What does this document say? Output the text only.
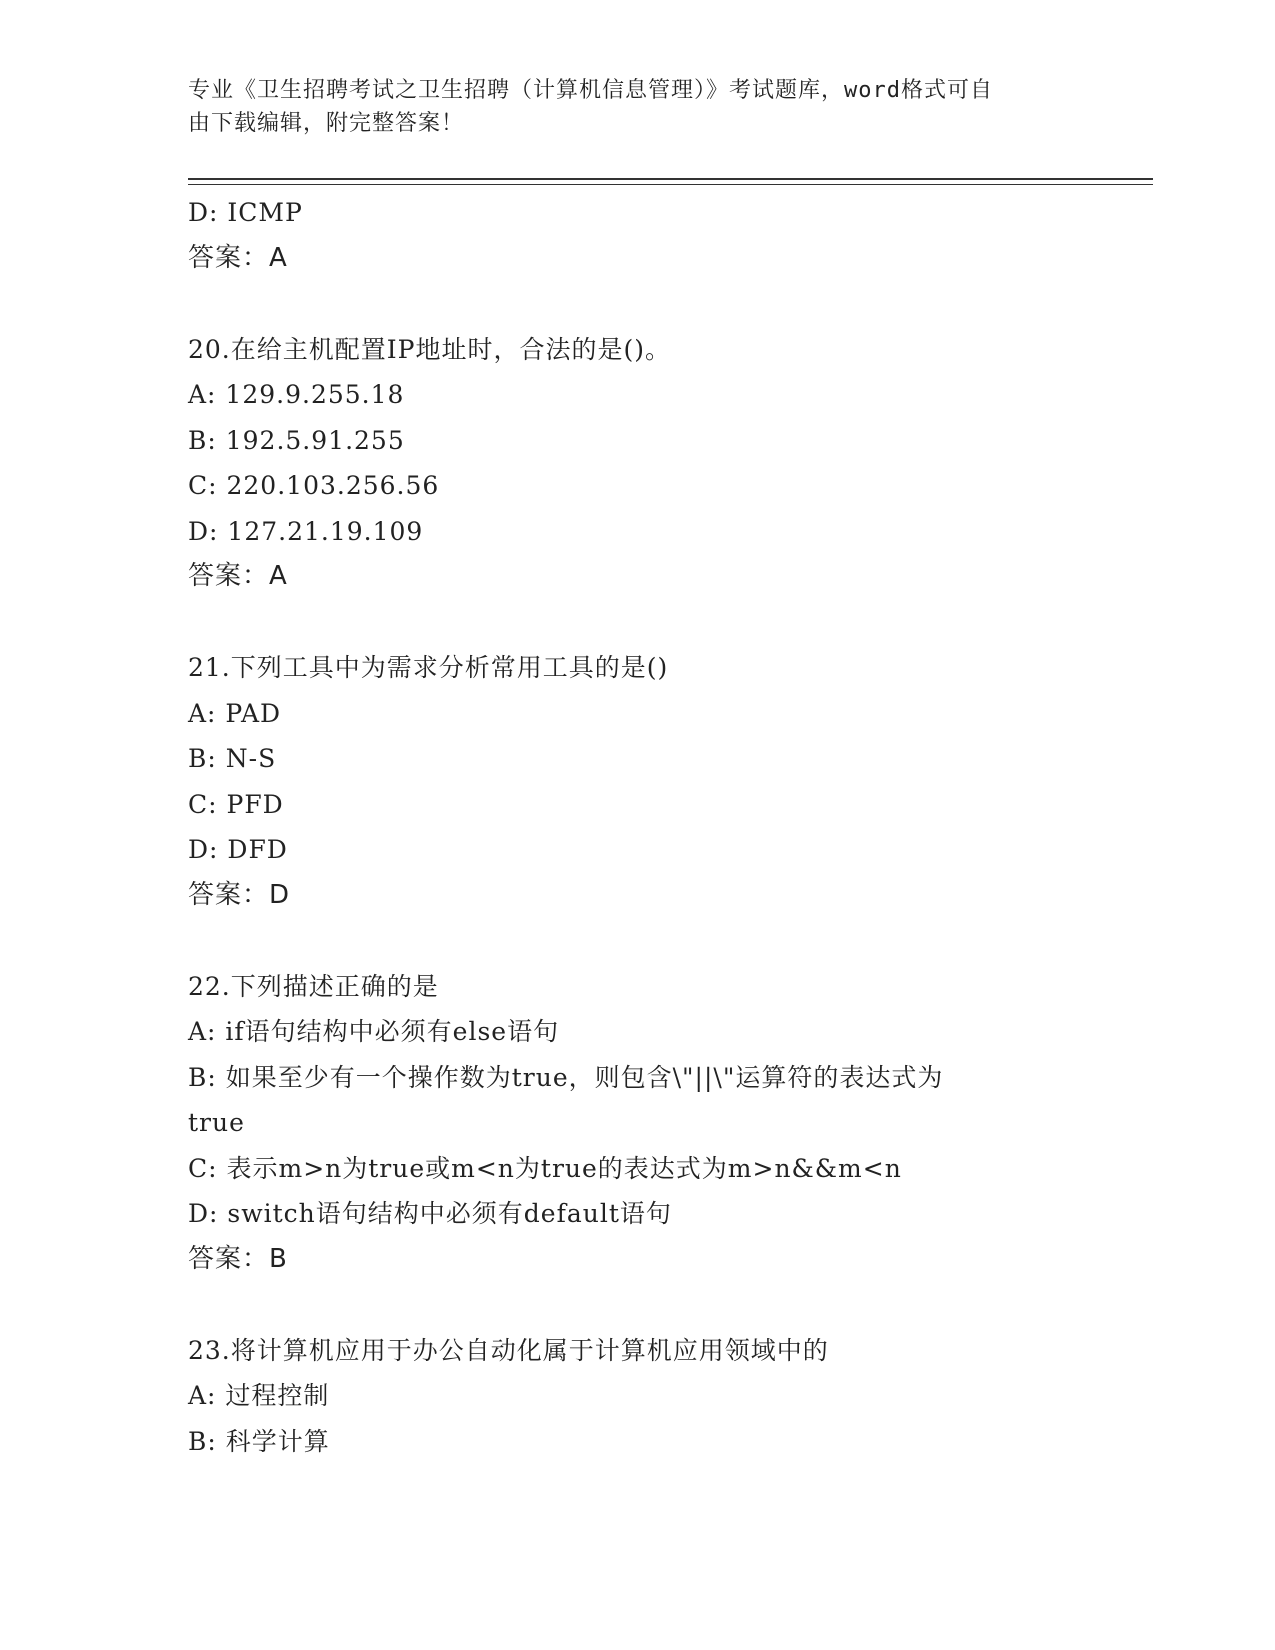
专业《卫生招聘考试之卫生招聘（计算机信息管理）》考试题库，word格式可自
由下载编辑，附完整答案！
D: ICMP
答案：A
20.在给主机配置IP地址时，合法的是()。
A: 129.9.255.18
B: 192.5.91.255
C: 220.103.256.56
D: 127.21.19.109
答案：A
21.下列工具中为需求分析常用工具的是()
A: PAD
B: N-S
C: PFD
D: DFD
答案：D
22.下列描述正确的是
A: if语句结构中必须有else语句
B: 如果至少有一个操作数为true，则包含\"||\"运算符的表达式为
true
C: 表示m>n为true或m<n为true的表达式为m>n&&m<n
D: switch语句结构中必须有default语句
答案：B
23.将计算机应用于办公自动化属于计算机应用领域中的
A: 过程控制
B: 科学计算
